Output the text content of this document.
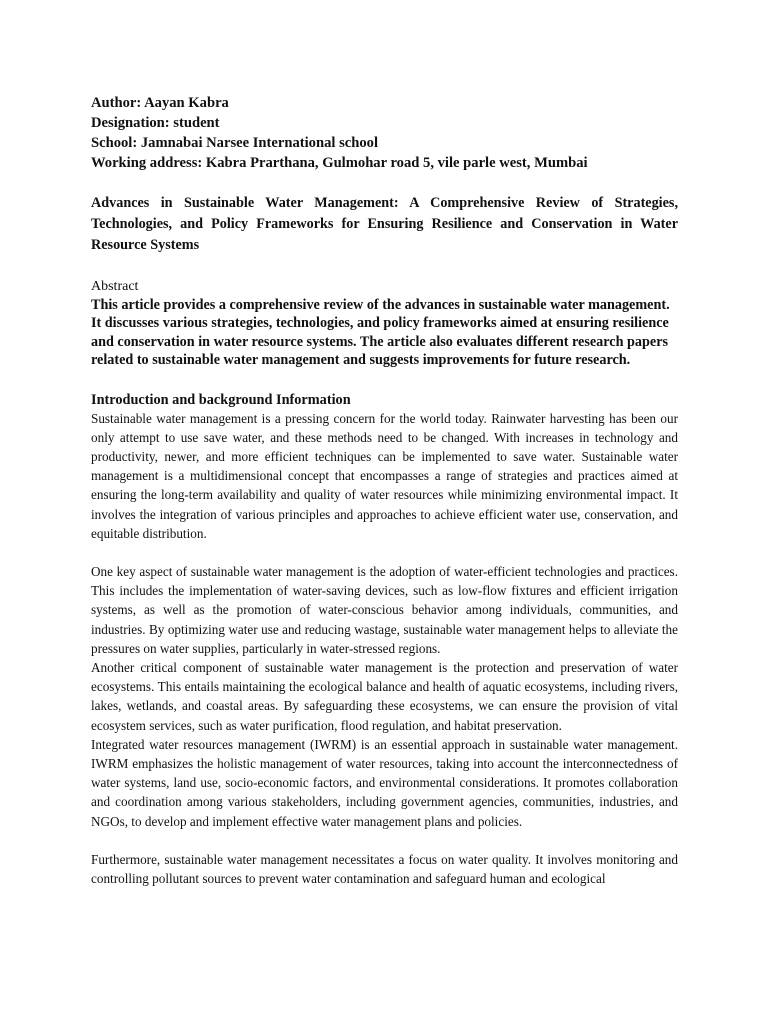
Author: Aayan Kabra

Designation: student

School: Jamnabai Narsee International school

Working address: Kabra Prarthana, Gulmohar road 5, vile parle west, Mumbai

Advances in Sustainable Water Management: A Comprehensive Review of Strategies, Technologies, and Policy Frameworks for Ensuring Resilience and Conservation in Water Resource Systems

Abstract

This article provides a comprehensive review of the advances in sustainable water management. It discusses various strategies, technologies, and policy frameworks aimed at ensuring resilience and conservation in water resource systems. The article also evaluates different research papers related to sustainable water management and suggests improvements for future research.

Introduction and background Information

Sustainable water management is a pressing concern for the world today. Rainwater harvesting has been our only attempt to use save water, and these methods need to be changed. With increases in technology and productivity, newer, and more efficient techniques can be implemented to save water. Sustainable water management is a multidimensional concept that encompasses a range of strategies and practices aimed at ensuring the long-term availability and quality of water resources while minimizing environmental impact. It involves the integration of various principles and approaches to achieve efficient water use, conservation, and equitable distribution.

One key aspect of sustainable water management is the adoption of water-efficient technologies and practices. This includes the implementation of water-saving devices, such as low-flow fixtures and efficient irrigation systems, as well as the promotion of water-conscious behavior among individuals, communities, and industries. By optimizing water use and reducing wastage, sustainable water management helps to alleviate the pressures on water supplies, particularly in water-stressed regions.

Another critical component of sustainable water management is the protection and preservation of water ecosystems. This entails maintaining the ecological balance and health of aquatic ecosystems, including rivers, lakes, wetlands, and coastal areas. By safeguarding these ecosystems, we can ensure the provision of vital ecosystem services, such as water purification, flood regulation, and habitat preservation.

Integrated water resources management (IWRM) is an essential approach in sustainable water management. IWRM emphasizes the holistic management of water resources, taking into account the interconnectedness of water systems, land use, socio-economic factors, and environmental considerations. It promotes collaboration and coordination among various stakeholders, including government agencies, communities, industries, and NGOs, to develop and implement effective water management plans and policies.

Furthermore, sustainable water management necessitates a focus on water quality. It involves monitoring and controlling pollutant sources to prevent water contamination and safeguard human and ecological
